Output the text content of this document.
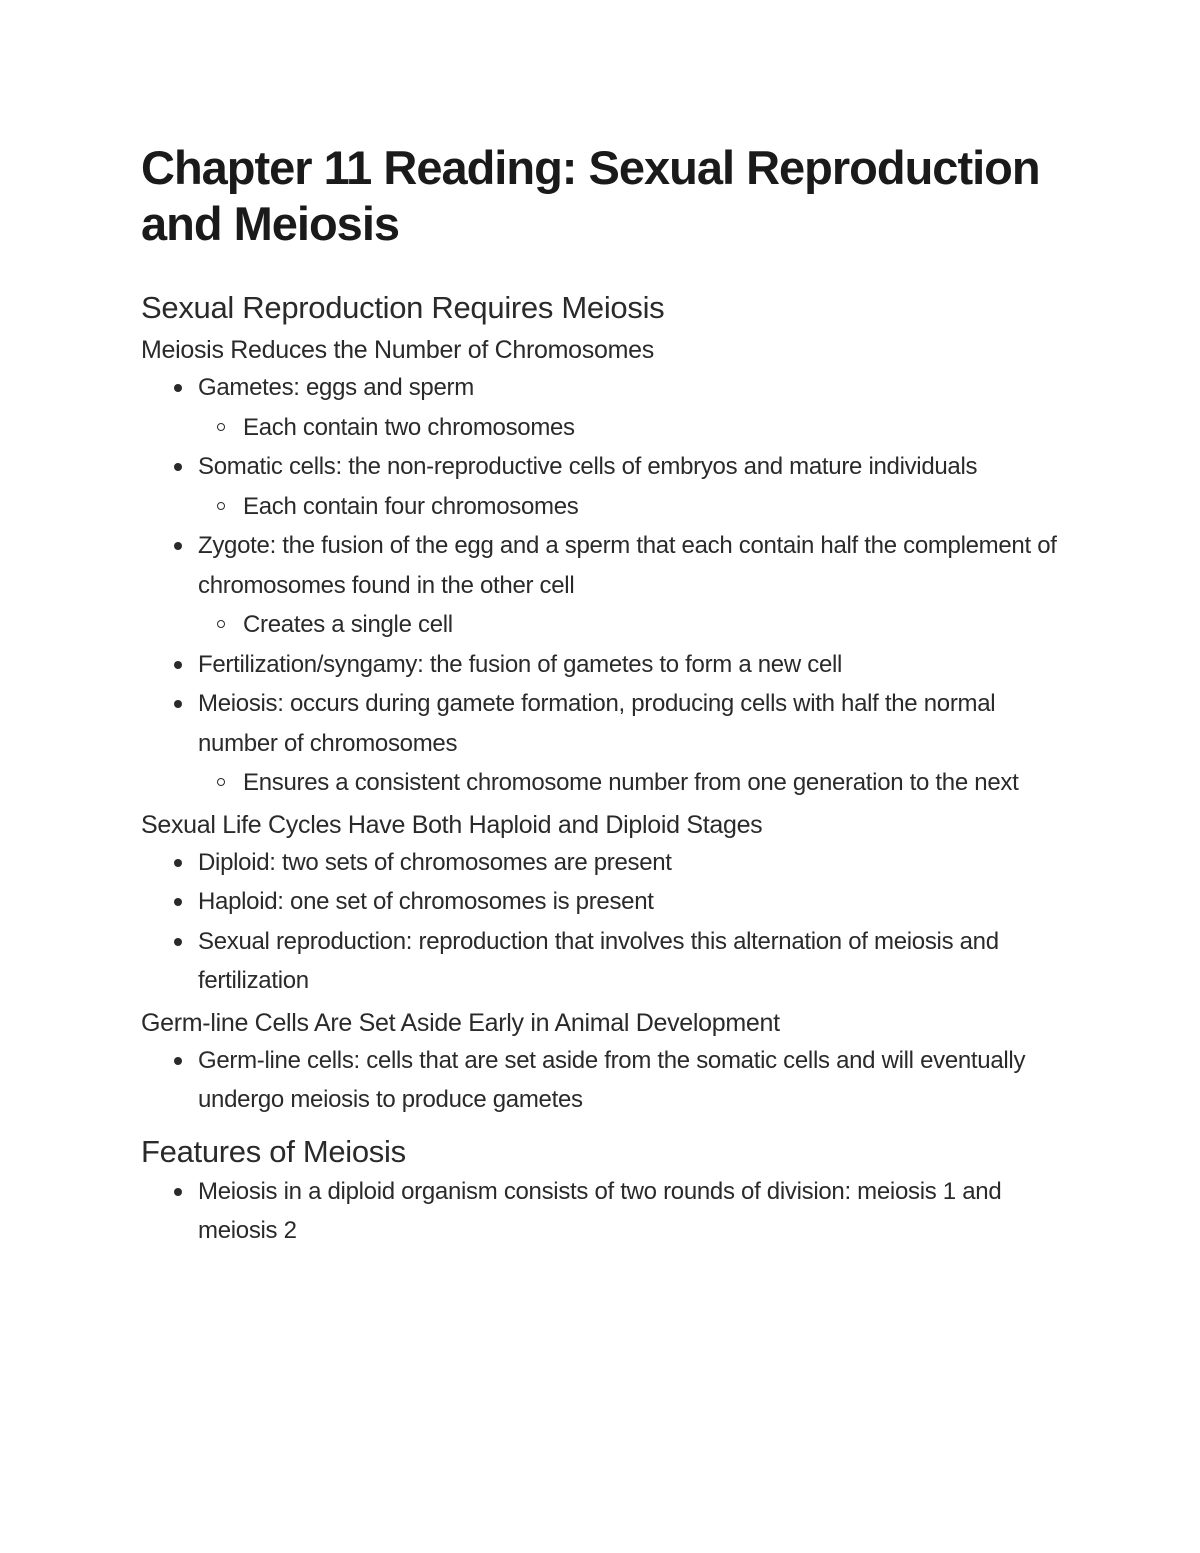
Chapter 11 Reading: Sexual Reproduction and Meiosis
Sexual Reproduction Requires Meiosis
Meiosis Reduces the Number of Chromosomes
Gametes: eggs and sperm
Each contain two chromosomes
Somatic cells: the non-reproductive cells of embryos and mature individuals
Each contain four chromosomes
Zygote: the fusion of the egg and a sperm that each contain half the complement of chromosomes found in the other cell
Creates a single cell
Fertilization/syngamy: the fusion of gametes to form a new cell
Meiosis: occurs during gamete formation, producing cells with half the normal number of chromosomes
Ensures a consistent chromosome number from one generation to the next
Sexual Life Cycles Have Both Haploid and Diploid Stages
Diploid: two sets of chromosomes are present
Haploid: one set of chromosomes is present
Sexual reproduction: reproduction that involves this alternation of meiosis and fertilization
Germ-line Cells Are Set Aside Early in Animal Development
Germ-line cells: cells that are set aside from the somatic cells and will eventually undergo meiosis to produce gametes
Features of Meiosis
Meiosis in a diploid organism consists of two rounds of division: meiosis 1 and meiosis 2
